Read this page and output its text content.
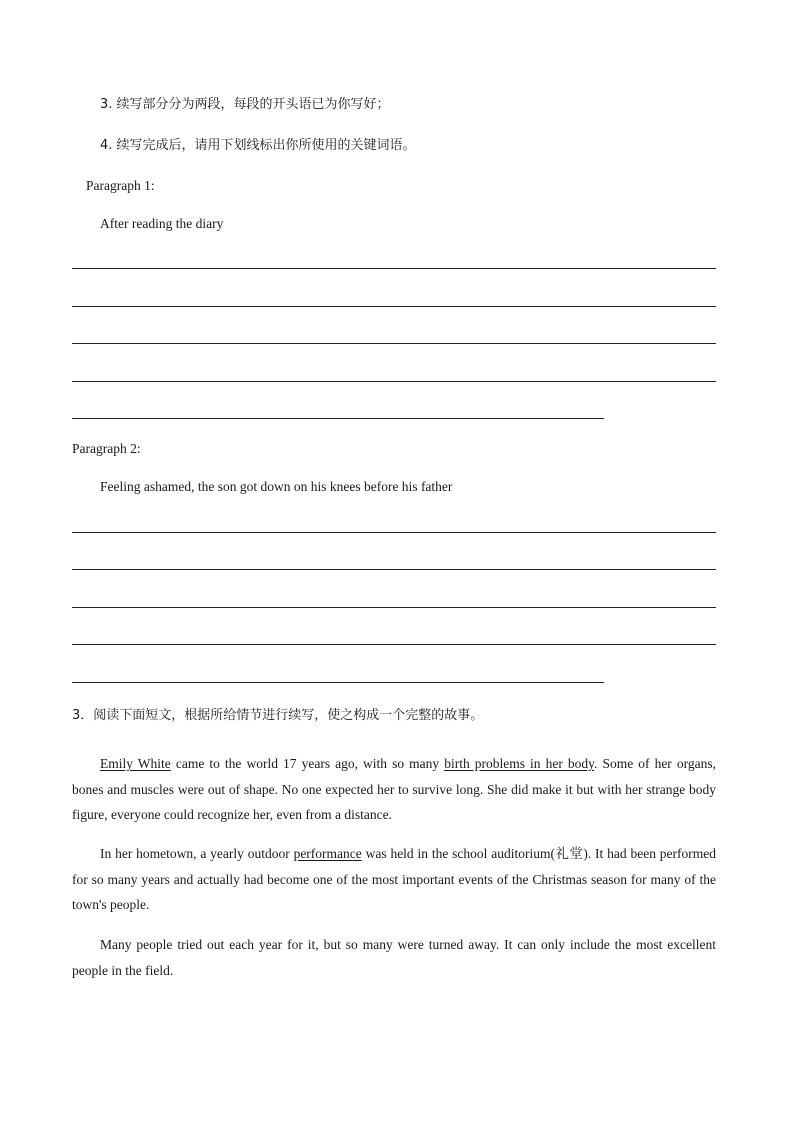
3. 续写部分分为两段，每段的开头语已为你写好；
4. 续写完成后，请用下划线标出你所使用的关键词语。
Paragraph 1:
After reading the diary
Paragraph 2:
Feeling ashamed, the son got down on his knees before his father
3．阅读下面短文，根据所给情节进行续写，使之构成一个完整的故事。

Emily White came to the world 17 years ago, with so many birth problems in her body. Some of her organs, bones and muscles were out of shape. No one expected her to survive long. She did make it but with her strange body figure, everyone could recognize her, even from a distance.

In her hometown, a yearly outdoor performance was held in the school auditorium(礼堂). It had been performed for so many years and actually had become one of the most important events of the Christmas season for many of the town's people.

Many people tried out each year for it, but so many were turned away. It can only include the most excellent people in the field.
